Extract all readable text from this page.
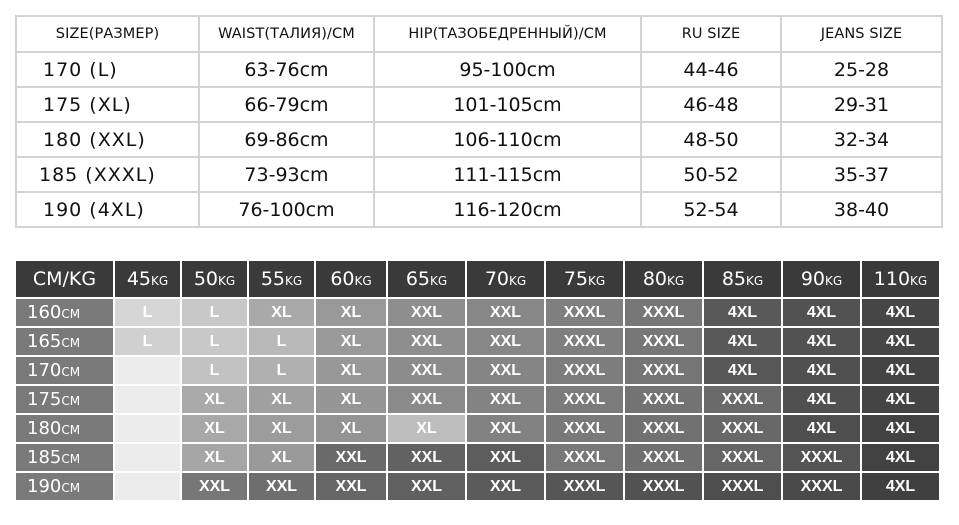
SIZE(РАЗМЕР)	WAIST(ТАЛИЯ)/CM	HIP(ТАЗОБЕДРЕННЫЙ)/CM	RU SIZE	JEANS SIZE
170 (L)	63-76cm	95-100cm	44-46	25-28
175 (XL)	66-79cm	101-105cm	46-48	29-31
180 (XXL)	69-86cm	106-110cm	48-50	32-34
185 (XXXL)	73-93cm	111-115cm	50-52	35-37
190 (4XL)	76-100cm	116-120cm	52-54	38-40
CM/KG	45KG	50KG	55KG	60KG	65KG	70KG	75KG	80KG	85KG	90KG	110KG
160CM	L	L	XL	XL	XXL	XXL	XXXL	XXXL	4XL	4XL	4XL
165CM	L	L	L	XL	XXL	XXL	XXXL	XXXL	4XL	4XL	4XL
170CM		L	L	XL	XXL	XXL	XXXL	XXXL	4XL	4XL	4XL
175CM		XL	XL	XL	XXL	XXL	XXXL	XXXL	XXXL	4XL	4XL
180CM		XL	XL	XL	XL	XXL	XXXL	XXXL	XXXL	4XL	4XL
185CM		XL	XL	XXL	XXL	XXL	XXXL	XXXL	XXXL	XXXL	4XL
190CM		XXL	XXL	XXL	XXL	XXL	XXXL	XXXL	XXXL	XXXL	4XL
